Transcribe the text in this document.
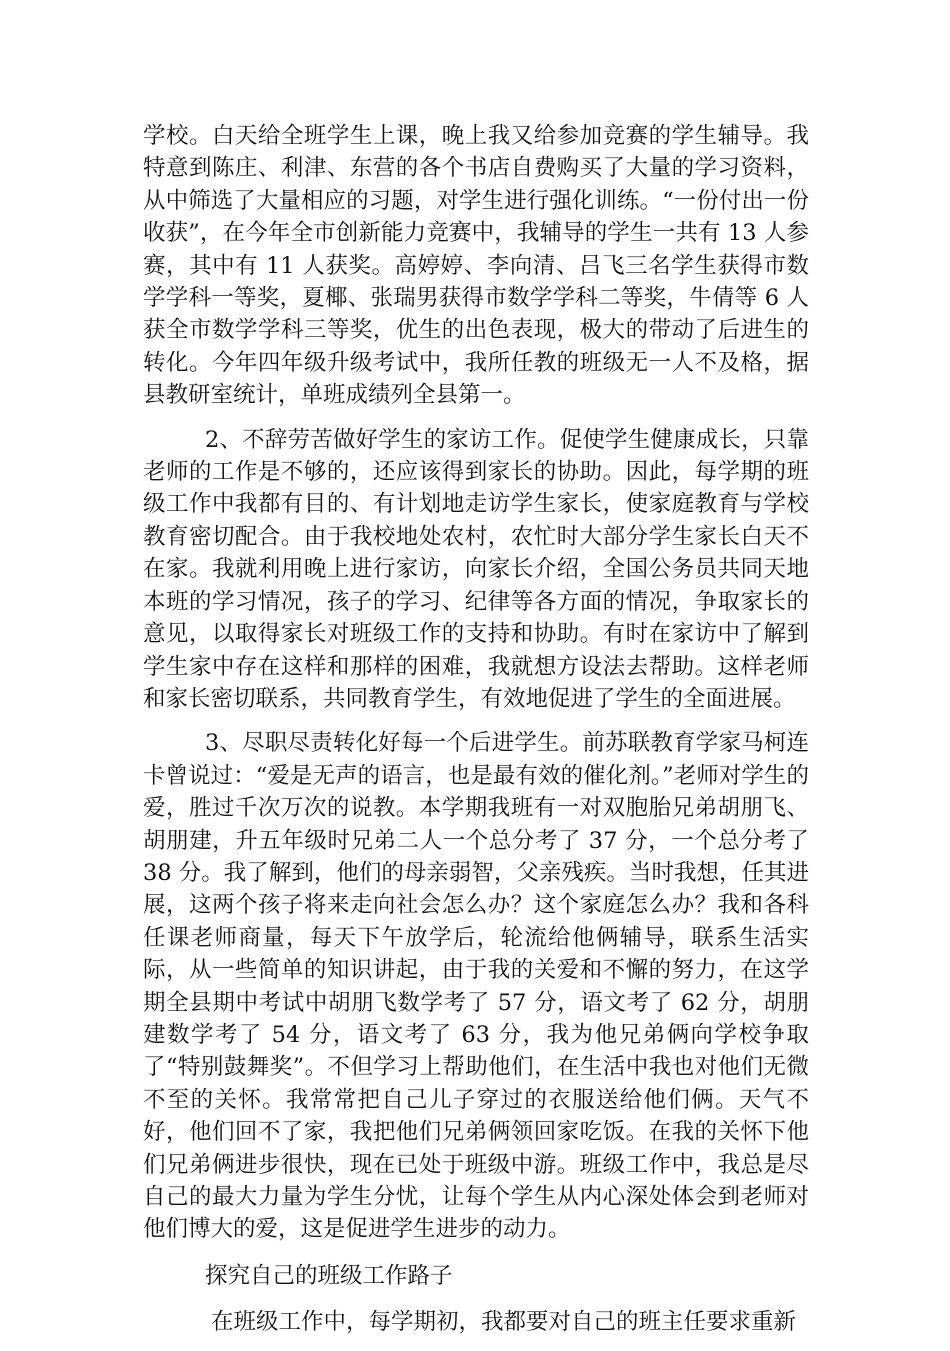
学校。白天给全班学生上课，晚上我又给参加竞赛的学生辅导。我特意到陈庄、利津、东营的各个书店自费购买了大量的学习资料，从中筛选了大量相应的习题，对学生进行强化训练。“一份付出一份收获”，在今年全市创新能力竞赛中，我辅导的学生一共有 13 人参赛，其中有 11 人获奖。高婷婷、李向清、吕飞三名学生获得市数学学科一等奖，夏椰、张瑞男获得市数学学科二等奖，牛倩等 6 人获全市数学学科三等奖，优生的出色表现，极大的带动了后进生的转化。今年四年级升级考试中，我所任教的班级无一人不及格，据县教研室统计，单班成绩列全县第一。

2、不辞劳苦做好学生的家访工作。促使学生健康成长，只靠老师的工作是不够的，还应该得到家长的协助。因此，每学期的班级工作中我都有目的、有计划地走访学生家长，使家庭教育与学校教育密切配合。由于我校地处农村，农忙时大部分学生家长白天不在家。我就利用晚上进行家访，向家长介绍，全国公务员共同天地本班的学习情况，孩子的学习、纪律等各方面的情况，争取家长的意见，以取得家长对班级工作的支持和协助。有时在家访中了解到学生家中存在这样和那样的困难，我就想方设法去帮助。这样老师和家长密切联系，共同教育学生，有效地促进了学生的全面进展。

3、尽职尽责转化好每一个后进学生。前苏联教育学家马柯连卡曾说过：“爱是无声的语言，也是最有效的催化剂。”老师对学生的爱，胜过千次万次的说教。本学期我班有一对双胞胎兄弟胡朋飞、胡朋建，升五年级时兄弟二人一个总分考了 37 分，一个总分考了 38 分。我了解到，他们的母亲弱智，父亲残疾。当时我想，任其进展，这两个孩子将来走向社会怎么办？这个家庭怎么办？我和各科任课老师商量，每天下午放学后，轮流给他俩辅导，联系生活实际，从一些简单的知识讲起，由于我的关爱和不懈的努力，在这学期全县期中考试中胡朋飞数学考了 57 分，语文考了 62 分，胡朋建数学考了 54 分，语文考了 63 分，我为他兄弟俩向学校争取了“特别鼓舞奖”。不但学习上帮助他们，在生活中我也对他们无微不至的关怀。我常常把自己儿子穿过的衣服送给他们俩。天气不好，他们回不了家，我把他们兄弟俩领回家吃饭。在我的关怀下他们兄弟俩进步很快，现在已处于班级中游。班级工作中，我总是尽自己的最大力量为学生分忧，让每个学生从内心深处体会到老师对他们博大的爱，这是促进学生进步的动力。

探究自己的班级工作路子

在班级工作中，每学期初，我都要对自己的班主任要求重新
